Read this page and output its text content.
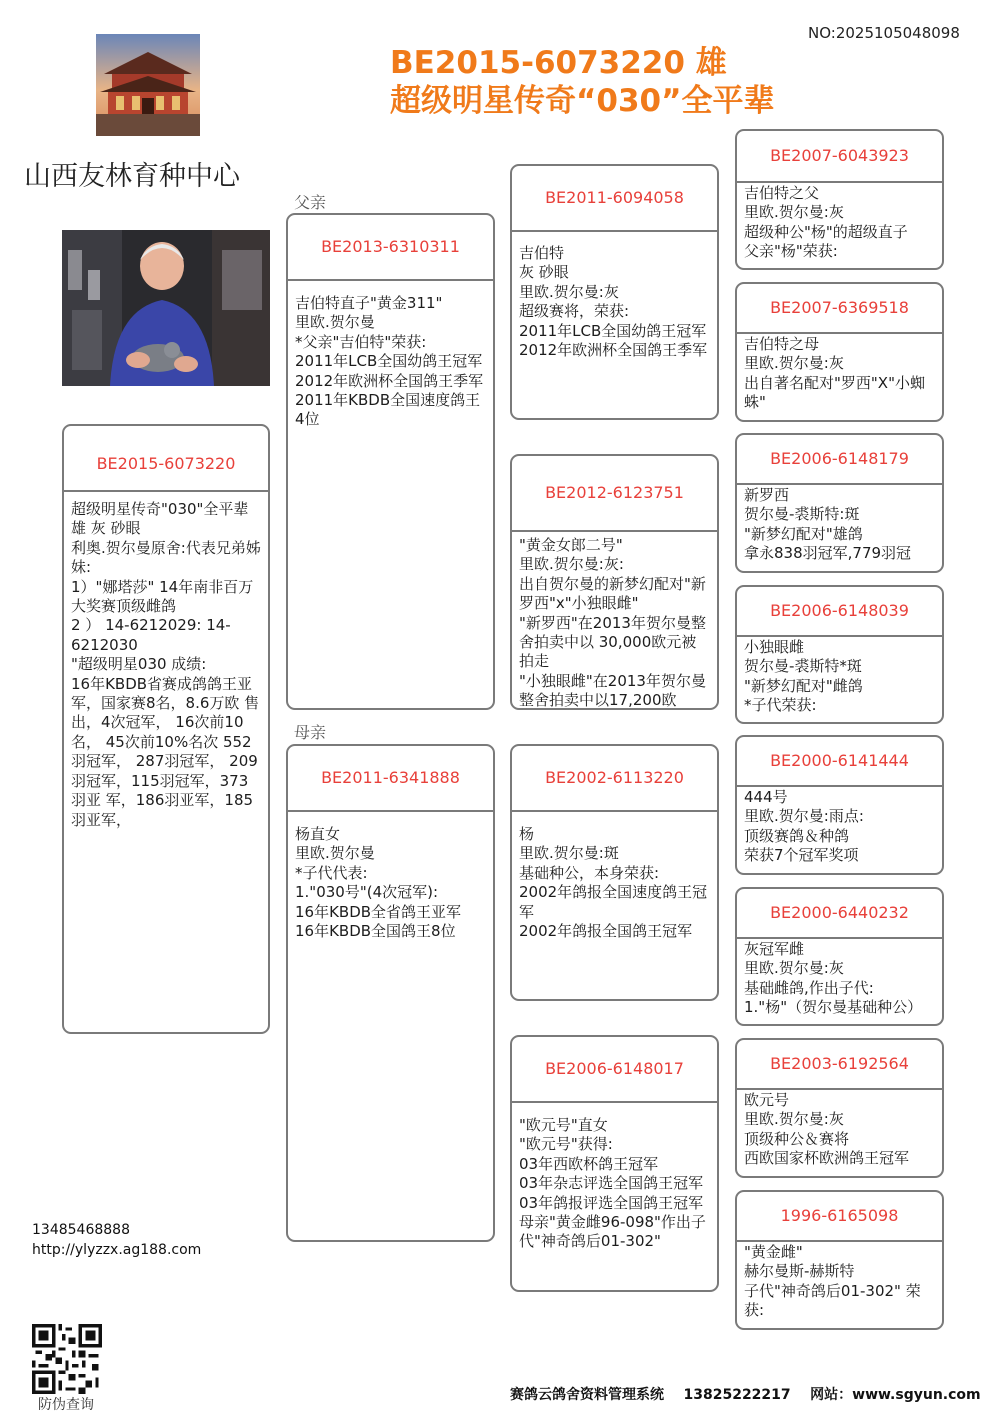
NO:2025105048098
BE2015-6073220 雄
超级明星传奇“030”全平辈
山西友林育种中心
父亲
母亲
BE2015-6073220
超级明星传奇"030"全平辈
雄 灰 砂眼
利奥.贺尔曼原舍:代表兄弟姊妹:
1）"娜塔莎" 14年南非百万大奖赛顶级雌鸽
2 ） 14-6212029: 14-6212030
"超级明星030 成绩:
16年KBDB省赛成鸽鸽王亚军，国家赛8名，8.6万欧 售出，4次冠军， 16次前10名， 45次前10%名次 552羽冠军， 287羽冠军， 209 羽冠军，115羽冠军，373羽亚 军，186羽亚军，185羽亚军，
BE2013-6310311
吉伯特直子"黄金311"
里欧.贺尔曼
*父亲"吉伯特"荣获:
2011年LCB全国幼鸽王冠军
2012年欧洲杯全国鸽王季军
2011年KBDB全国速度鸽王4位
BE2011-6341888
杨直女
里欧.贺尔曼
*子代代表:
1."030号"(4次冠军):
16年KBDB全省鸽王亚军
16年KBDB全国鸽王8位
BE2011-6094058
吉伯特
灰 砂眼
里欧.贺尔曼:灰
超级赛将，荣获:
2011年LCB全国幼鸽王冠军
2012年欧洲杯全国鸽王季军
BE2012-6123751
"黄金女郎二号"
里欧.贺尔曼:灰:
出自贺尔曼的新梦幻配对"新罗西"x"小独眼雌"
"新罗西"在2013年贺尔曼整舍拍卖中以 30,000欧元被拍走
"小独眼雌"在2013年贺尔曼整舍拍卖中以17,200欧
BE2002-6113220
杨
里欧.贺尔曼:斑
基础种公，本身荣获:
2002年鸽报全国速度鸽王冠军
2002年鸽报全国鸽王冠军
BE2006-6148017
"欧元号"直女
"欧元号"获得:
03年西欧杯鸽王冠军
03年杂志评选全国鸽王冠军
03年鸽报评选全国鸽王冠军
母亲"黄金雌96-098"作出子代"神奇鸽后01-302"
BE2007-6043923
吉伯特之父
里欧.贺尔曼:灰
超级种公"杨"的超级直子
父亲"杨"荣获:
BE2007-6369518
吉伯特之母
里欧.贺尔曼:灰
出自著名配对"罗西"X"小蜘蛛"
BE2006-6148179
新罗西
贺尔曼-裘斯特:斑
"新梦幻配对"雄鸽
拿永838羽冠军,779羽冠
BE2006-6148039
小独眼雌
贺尔曼-裘斯特*斑
"新梦幻配对"雌鸽
*子代荣获:
BE2000-6141444
444号
里欧.贺尔曼:雨点:
顶级赛鸽＆种鸽
荣获7个冠军奖项
BE2000-6440232
灰冠军雌
里欧.贺尔曼:灰
基础雌鸽,作出子代:
1."杨"（贺尔曼基础种公）
BE2003-6192564
欧元号
里欧.贺尔曼:灰
顶级种公＆赛将
西欧国家杯欧洲鸽王冠军
1996-6165098
"黄金雌"
赫尔曼斯-赫斯特
子代"神奇鸽后01-302" 荣获:
13485468888
http://ylyzzx.ag188.com
防伪查询
赛鸽云鸽舍资料管理系统    13825222217    网站：www.sgyun.com
